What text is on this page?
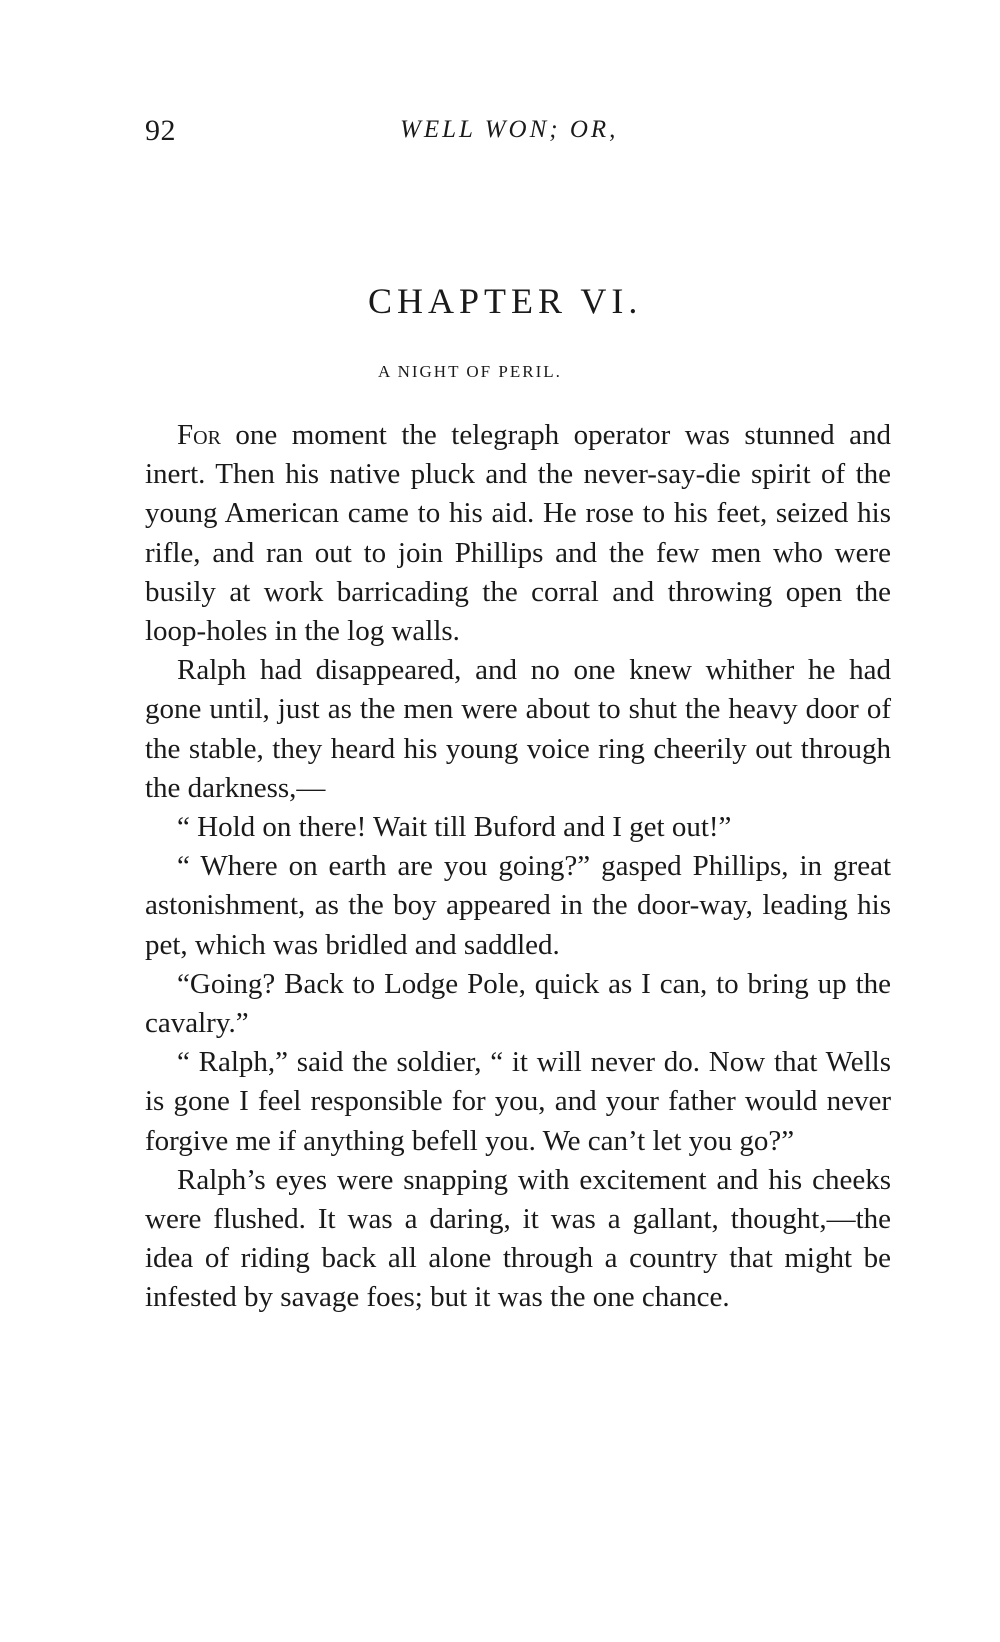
92	WELL WON; OR,
CHAPTER VI.
A NIGHT OF PERIL.

For one moment the telegraph operator was stunned and inert. Then his native pluck and the never-say-die spirit of the young American came to his aid. He rose to his feet, seized his rifle, and ran out to join Phillips and the few men who were busily at work barricading the corral and throwing open the loop-holes in the log walls.

Ralph had disappeared, and no one knew whither he had gone until, just as the men were about to shut the heavy door of the stable, they heard his young voice ring cheerily out through the darkness,—

“ Hold on there! Wait till Buford and I get out!”

“ Where on earth are you going?” gasped Phillips, in great astonishment, as the boy appeared in the door-way, leading his pet, which was bridled and saddled.

“Going? Back to Lodge Pole, quick as I can, to bring up the cavalry.”

“ Ralph,” said the soldier, “ it will never do. Now that Wells is gone I feel responsible for you, and your father would never forgive me if anything befell you. We can’t let you go?”

Ralph’s eyes were snapping with excitement and his cheeks were flushed. It was a daring, it was a gallant, thought,—the idea of riding back all alone through a country that might be infested by savage foes; but it was the one chance.
